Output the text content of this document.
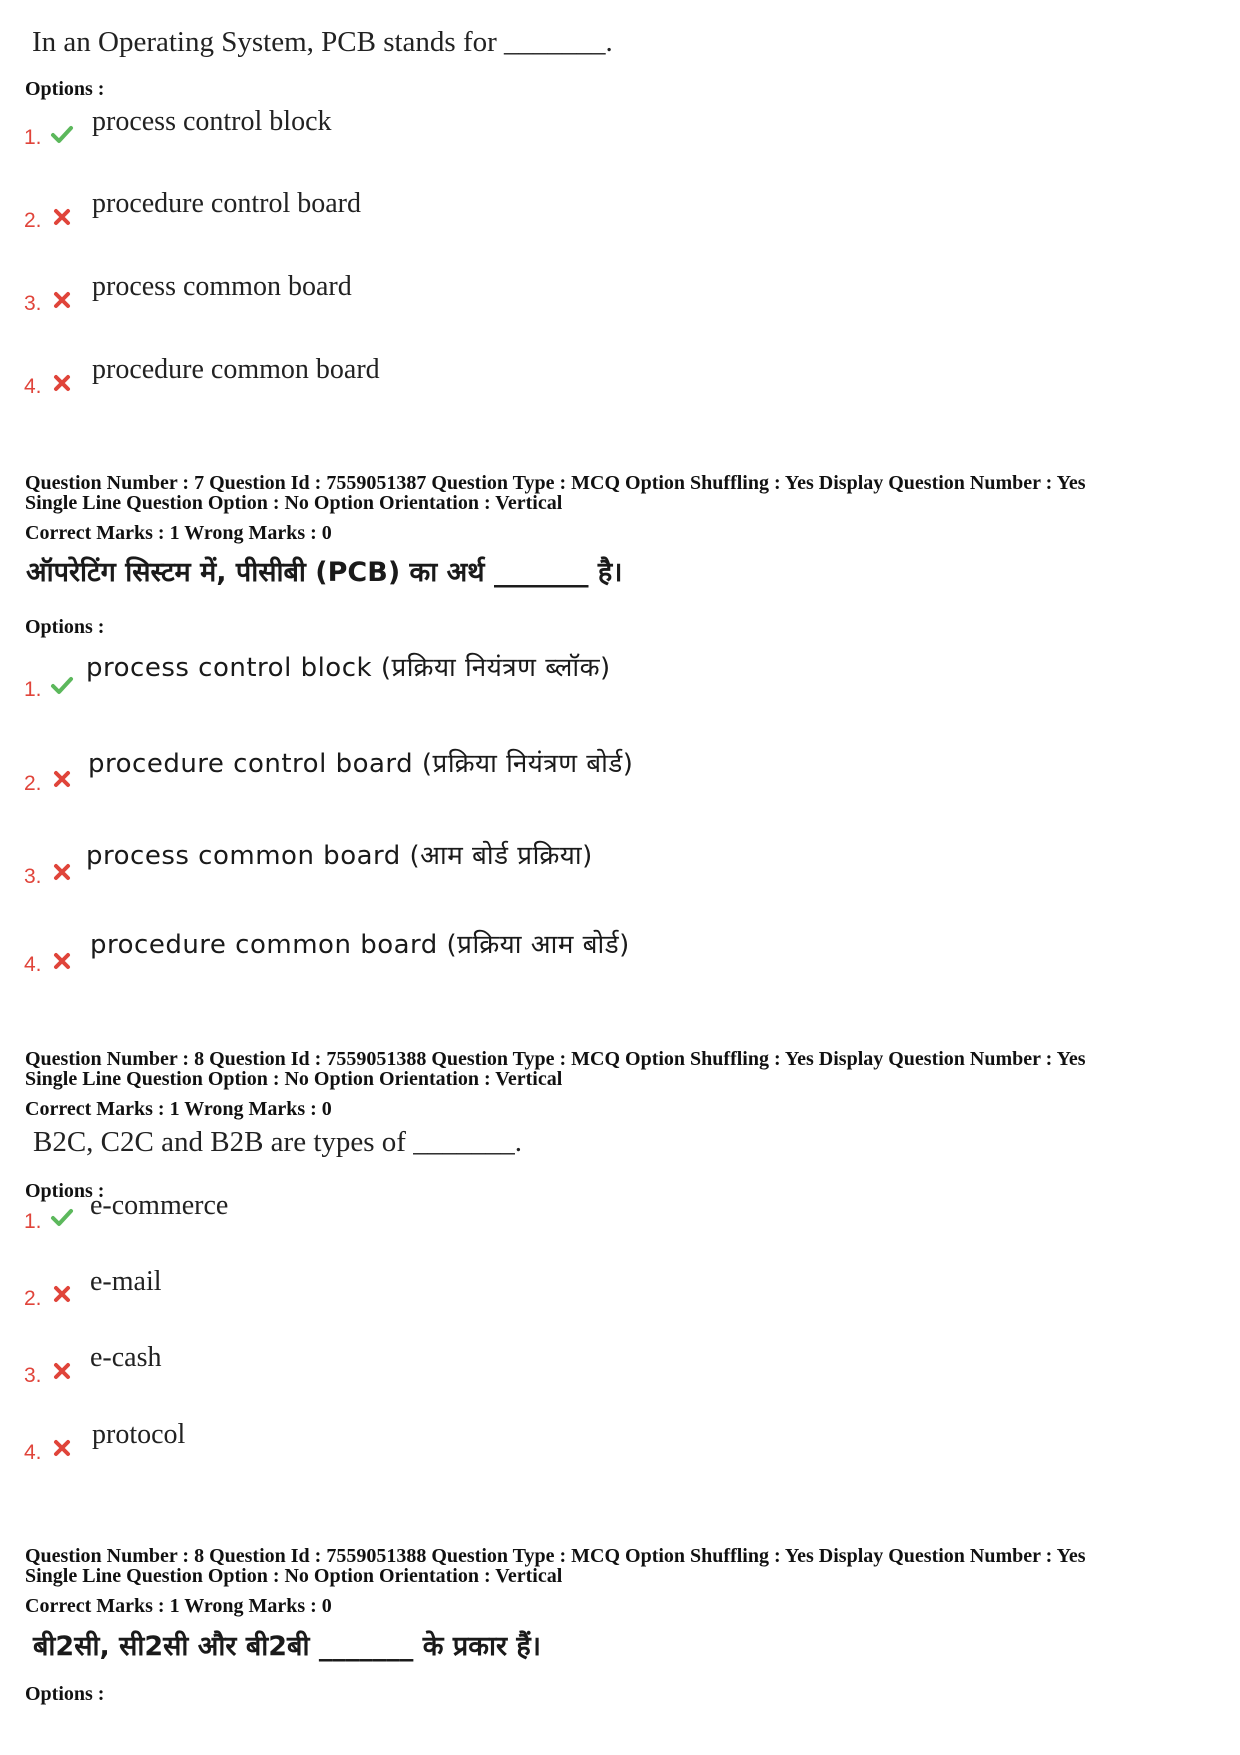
In an Operating System, PCB stands for _______.
Options :
1.
process control block
2.
procedure control board
3.
process common board
4.
procedure common board
Question Number : 7 Question Id : 7559051387 Question Type : MCQ Option Shuffling : Yes Display Question Number : Yes
Single Line Question Option : No Option Orientation : Vertical
Correct Marks : 1 Wrong Marks : 0
ऑपरेटिंग सिस्टम में, पीसीबी (PCB) का अर्थ _______ है।
Options :
1.
process control block (प्रक्रिया नियंत्रण ब्लॉक)
2.
procedure control board (प्रक्रिया नियंत्रण बोर्ड)
3.
process common board (आम बोर्ड प्रक्रिया)
4.
procedure common board (प्रक्रिया आम बोर्ड)
Question Number : 8 Question Id : 7559051388 Question Type : MCQ Option Shuffling : Yes Display Question Number : Yes
Single Line Question Option : No Option Orientation : Vertical
Correct Marks : 1 Wrong Marks : 0
B2C, C2C and B2B are types of _______.
Options :
1.
e-commerce
2.
e-mail
3.
e-cash
4.
protocol
Question Number : 8 Question Id : 7559051388 Question Type : MCQ Option Shuffling : Yes Display Question Number : Yes
Single Line Question Option : No Option Orientation : Vertical
Correct Marks : 1 Wrong Marks : 0
बी2सी, सी2सी और बी2बी _______ के प्रकार हैं।
Options :
